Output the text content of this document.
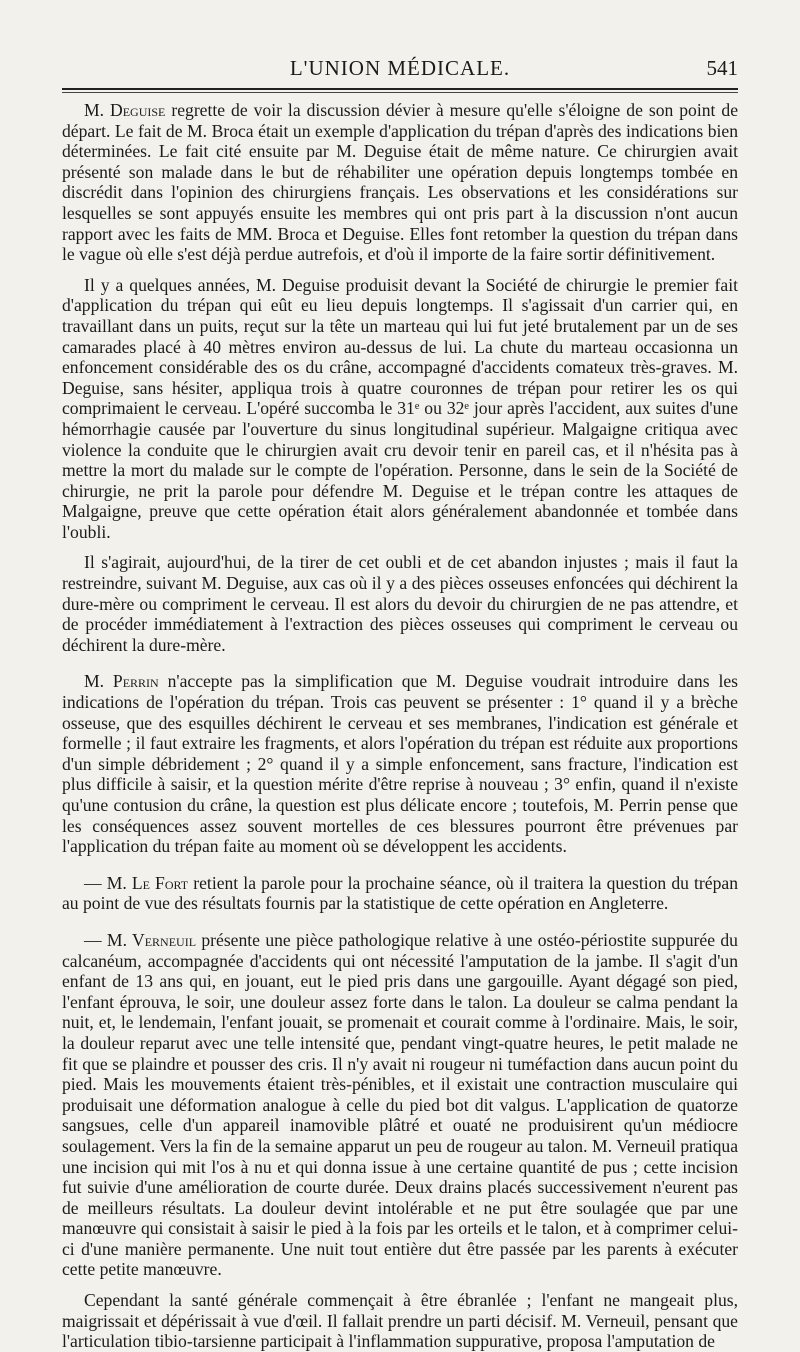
L'UNION MÉDICALE.	541

M. Deguise regrette de voir la discussion dévier à mesure qu'elle s'éloigne de son point de départ. Le fait de M. Broca était un exemple d'application du trépan d'après des indications bien déterminées. Le fait cité ensuite par M. Deguise était de même nature. Ce chirurgien avait présenté son malade dans le but de réhabiliter une opération depuis longtemps tombée en discrédit dans l'opinion des chirurgiens français. Les observations et les considérations sur lesquelles se sont appuyés ensuite les membres qui ont pris part à la discussion n'ont aucun rapport avec les faits de MM. Broca et Deguise. Elles font retomber la question du trépan dans le vague où elle s'est déjà perdue autrefois, et d'où il importe de la faire sortir définitivement.

Il y a quelques années, M. Deguise produisit devant la Société de chirurgie le premier fait d'application du trépan qui eût eu lieu depuis longtemps. Il s'agissait d'un carrier qui, en travaillant dans un puits, reçut sur la tête un marteau qui lui fut jeté brutalement par un de ses camarades placé à 40 mètres environ au-dessus de lui. La chute du marteau occasionna un enfoncement considérable des os du crâne, accompagné d'accidents comateux très-graves. M. Deguise, sans hésiter, appliqua trois à quatre couronnes de trépan pour retirer les os qui comprimaient le cerveau. L'opéré succomba le 31ᵉ ou 32ᵉ jour après l'accident, aux suites d'une hémorrhagie causée par l'ouverture du sinus longitudinal supérieur. Malgaigne critiqua avec violence la conduite que le chirurgien avait cru devoir tenir en pareil cas, et il n'hésita pas à mettre la mort du malade sur le compte de l'opération. Personne, dans le sein de la Société de chirurgie, ne prit la parole pour défendre M. Deguise et le trépan contre les attaques de Malgaigne, preuve que cette opération était alors généralement abandonnée et tombée dans l'oubli.

Il s'agirait, aujourd'hui, de la tirer de cet oubli et de cet abandon injustes ; mais il faut la restreindre, suivant M. Deguise, aux cas où il y a des pièces osseuses enfoncées qui déchirent la dure-mère ou compriment le cerveau. Il est alors du devoir du chirurgien de ne pas attendre, et de procéder immédiatement à l'extraction des pièces osseuses qui compriment le cerveau ou déchirent la dure-mère.

M. Perrin n'accepte pas la simplification que M. Deguise voudrait introduire dans les indications de l'opération du trépan. Trois cas peuvent se présenter : 1° quand il y a brèche osseuse, que des esquilles déchirent le cerveau et ses membranes, l'indication est générale et formelle ; il faut extraire les fragments, et alors l'opération du trépan est réduite aux proportions d'un simple débridement ; 2° quand il y a simple enfoncement, sans fracture, l'indication est plus difficile à saisir, et la question mérite d'être reprise à nouveau ; 3° enfin, quand il n'existe qu'une contusion du crâne, la question est plus délicate encore ; toutefois, M. Perrin pense que les conséquences assez souvent mortelles de ces blessures pourront être prévenues par l'application du trépan faite au moment où se développent les accidents.

— M. Le Fort retient la parole pour la prochaine séance, où il traitera la question du trépan au point de vue des résultats fournis par la statistique de cette opération en Angleterre.

— M. Verneuil présente une pièce pathologique relative à une ostéo-périostite suppurée du calcanéum, accompagnée d'accidents qui ont nécessité l'amputation de la jambe. Il s'agit d'un enfant de 13 ans qui, en jouant, eut le pied pris dans une gargouille. Ayant dégagé son pied, l'enfant éprouva, le soir, une douleur assez forte dans le talon. La douleur se calma pendant la nuit, et, le lendemain, l'enfant jouait, se promenait et courait comme à l'ordinaire. Mais, le soir, la douleur reparut avec une telle intensité que, pendant vingt-quatre heures, le petit malade ne fit que se plaindre et pousser des cris. Il n'y avait ni rougeur ni tuméfaction dans aucun point du pied. Mais les mouvements étaient très-pénibles, et il existait une contraction musculaire qui produisait une déformation analogue à celle du pied bot dit valgus. L'application de quatorze sangsues, celle d'un appareil inamovible plâtré et ouaté ne produisirent qu'un médiocre soulagement. Vers la fin de la semaine apparut un peu de rougeur au talon. M. Verneuil pratiqua une incision qui mit l'os à nu et qui donna issue à une certaine quantité de pus ; cette incision fut suivie d'une amélioration de courte durée. Deux drains placés successivement n'eurent pas de meilleurs résultats. La douleur devint intolérable et ne put être soulagée que par une manœuvre qui consistait à saisir le pied à la fois par les orteils et le talon, et à comprimer celui-ci d'une manière permanente. Une nuit tout entière dut être passée par les parents à exécuter cette petite manœuvre.

Cependant la santé générale commençait à être ébranlée ; l'enfant ne mangeait plus, maigrissait et dépérissait à vue d'œil. Il fallait prendre un parti décisif. M. Verneuil, pensant que l'articulation tibio-tarsienne participait à l'inflammation suppurative, proposa l'amputation de
